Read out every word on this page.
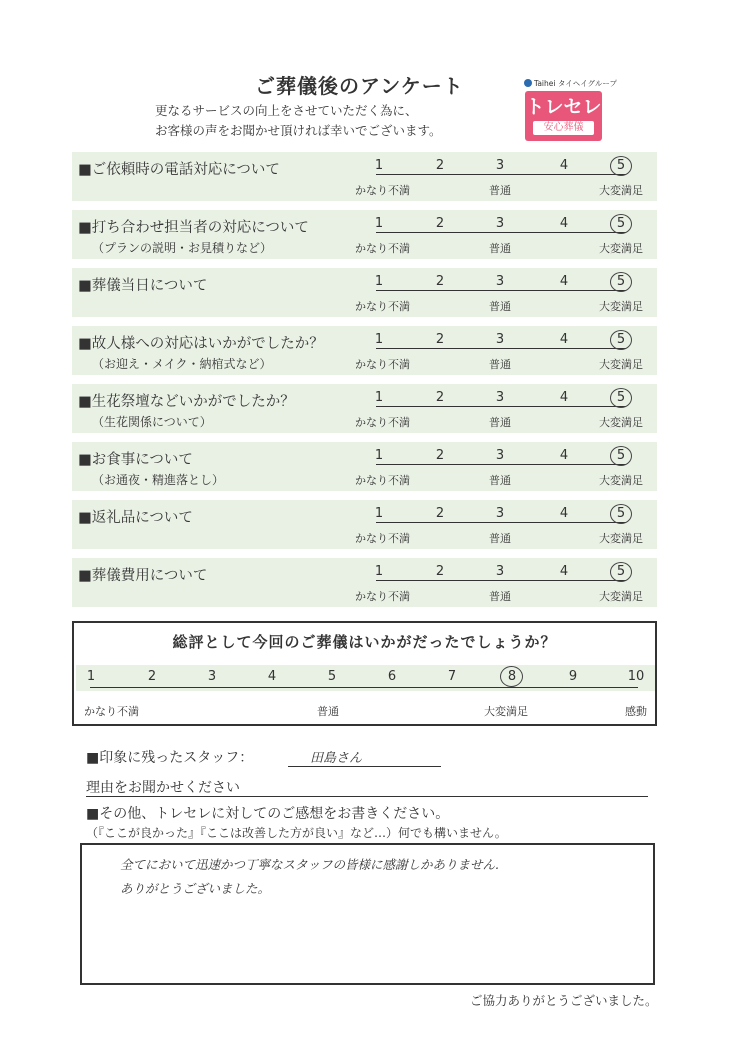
ご葬儀後のアンケート
更なるサービスの向上をさせていただく為に、
お客様の声をお聞かせ頂ければ幸いでございます。
Taihei タイヘイグループ
トレセレ
安心葬儀
■ご依頼時の電話対応について	1	2	3	4	5
かなり不満	普通	大変満足
■打ち合わせ担当者の対応について
（プランの説明・お見積りなど）
1	2	3	4	5
かなり不満	普通	大変満足
■葬儀当日について	1	2	3	4	5
かなり不満	普通	大変満足
■故人様への対応はいかがでしたか？
（お迎え・メイク・納棺式など）
1	2	3	4	5
かなり不満	普通	大変満足
■生花祭壇などいかがでしたか？
（生花関係について）
1	2	3	4	5
かなり不満	普通	大変満足
■お食事について
（お通夜・精進落とし）
1	2	3	4	5
かなり不満	普通	大変満足
■返礼品について	1	2	3	4	5
かなり不満	普通	大変満足
■葬儀費用について	1	2	3	4	5
かなり不満	普通	大変満足
総評として今回のご葬儀はいかがだったでしょうか？
1	2	3	4	5	6	7	8	9	10
かなり不満	普通	大変満足	感動
■印象に残ったスタッフ：	田島さん
理由をお聞かせください
■その他、トレセレに対してのご感想をお書きください。
（『ここが良かった』『ここは改善した方が良い』など…）何でも構いません。
全てにおいて迅速かつ丁寧なスタッフの皆様に感謝しかありません.
ありがとうございました。
ご協力ありがとうございました。
